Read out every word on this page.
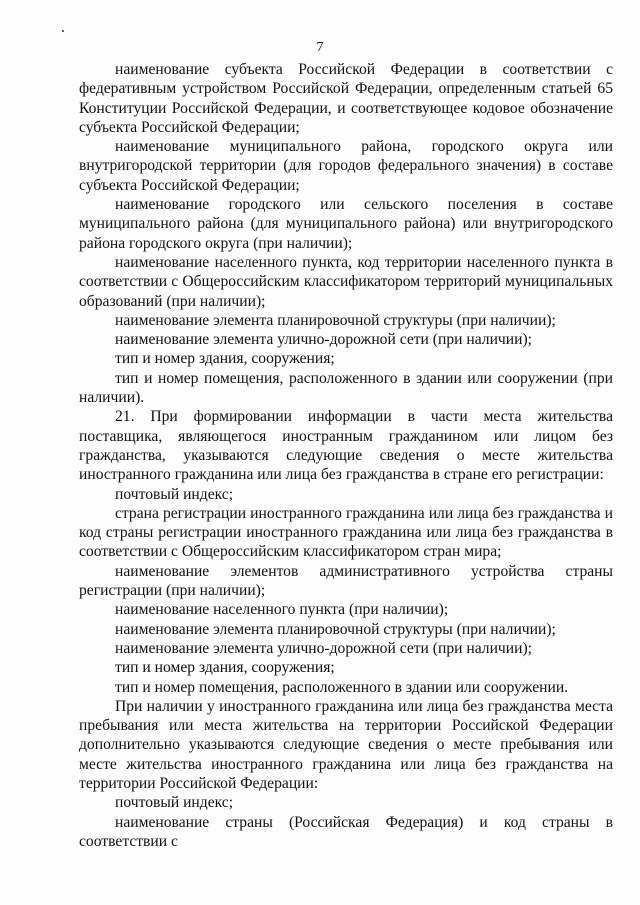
7

наименование субъекта Российской Федерации в соответствии с федеративным устройством Российской Федерации, определенным статьей 65 Конституции Российской Федерации, и соответствующее кодовое обозначение субъекта Российской Федерации;

наименование муниципального района, городского округа или внутригородской территории (для городов федерального значения) в составе субъекта Российской Федерации;

наименование городского или сельского поселения в составе муниципального района (для муниципального района) или внутригородского района городского округа (при наличии);

наименование населенного пункта, код территории населенного пункта в соответствии с Общероссийским классификатором территорий муниципальных образований (при наличии);

наименование элемента планировочной структуры (при наличии);

наименование элемента улично-дорожной сети (при наличии);

тип и номер здания, сооружения;

тип и номер помещения, расположенного в здании или сооружении (при наличии).

21. При формировании информации в части места жительства поставщика, являющегося иностранным гражданином или лицом без гражданства, указываются следующие сведения о месте жительства иностранного гражданина или лица без гражданства в стране его регистрации:

почтовый индекс;

страна регистрации иностранного гражданина или лица без гражданства и код страны регистрации иностранного гражданина или лица без гражданства в соответствии с Общероссийским классификатором стран мира;

наименование элементов административного устройства страны регистрации (при наличии);

наименование населенного пункта (при наличии);

наименование элемента планировочной структуры (при наличии);

наименование элемента улично-дорожной сети (при наличии);

тип и номер здания, сооружения;

тип и номер помещения, расположенного в здании или сооружении.

При наличии у иностранного гражданина или лица без гражданства места пребывания или места жительства на территории Российской Федерации дополнительно указываются следующие сведения о месте пребывания или месте жительства иностранного гражданина или лица без гражданства на территории Российской Федерации:

почтовый индекс;

наименование страны (Российская Федерация) и код страны в соответствии с
